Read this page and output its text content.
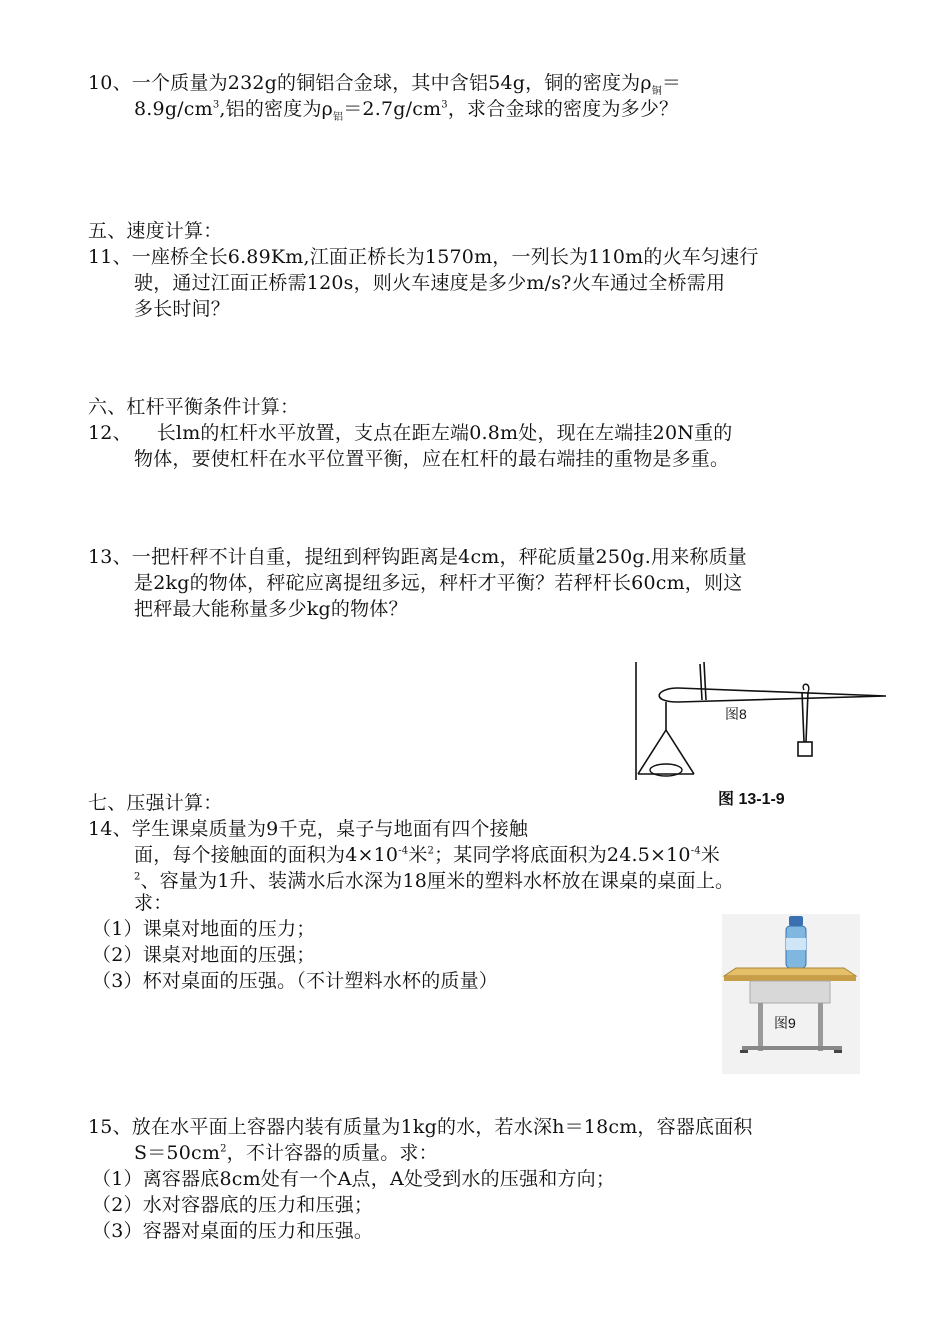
10、一个质量为232g的铜铝合金球，其中含铝54g，铜的密度为$\rho_铜=$
$8.9g/cm^3$,铝的密度为$\rho_铝=2.7g/cm^3$，求合金球的密度为多少？
五、速度计算：
11、一座桥全长6.89Km,江面正桥长为1570m，一列长为110m的火车匀速行
驶，通过江面正桥需120s，则火车速度是多少m/s?火车通过全桥需用
多长时间？
六、杠杆平衡条件计算：
12、    长lm的杠杆水平放置，支点在距左端0.8m处，现在左端挂20N重的
物体，要使杠杆在水平位置平衡，应在杠杆的最右端挂的重物是多重。
13、一把杆秤不计自重，提纽到秤钩距离是4cm，秤砣质量250g.用来称质量
是2kg的物体，秤砣应离提纽多远，秤杆才平衡？若秤杆长60cm，则这
把秤最大能称量多少kg的物体？
图8
图 13-1-9
七、压强计算：
14、学生课桌质量为9千克，桌子与地面有四个接触
面，每个接触面的面积为$4\times 10^{-4}$米$^2$；某同学将底面积为$24.5\times 10^{-4}$米
$^2$、容量为1升、装满水后水深为18厘米的塑料水杯放在课桌的桌面上。
求：
（1）课桌对地面的压力；
（2）课桌对地面的压强；
（3）杯对桌面的压强。（不计塑料水杯的质量）
图9
15、放在水平面上容器内装有质量为1kg的水，若水深h＝18cm，容器底面积
$S=50cm^2$，不计容器的质量。求：
（1）离容器底8cm处有一个A点，A处受到水的压强和方向；
（2）水对容器底的压力和压强；
（3）容器对桌面的压力和压强。
